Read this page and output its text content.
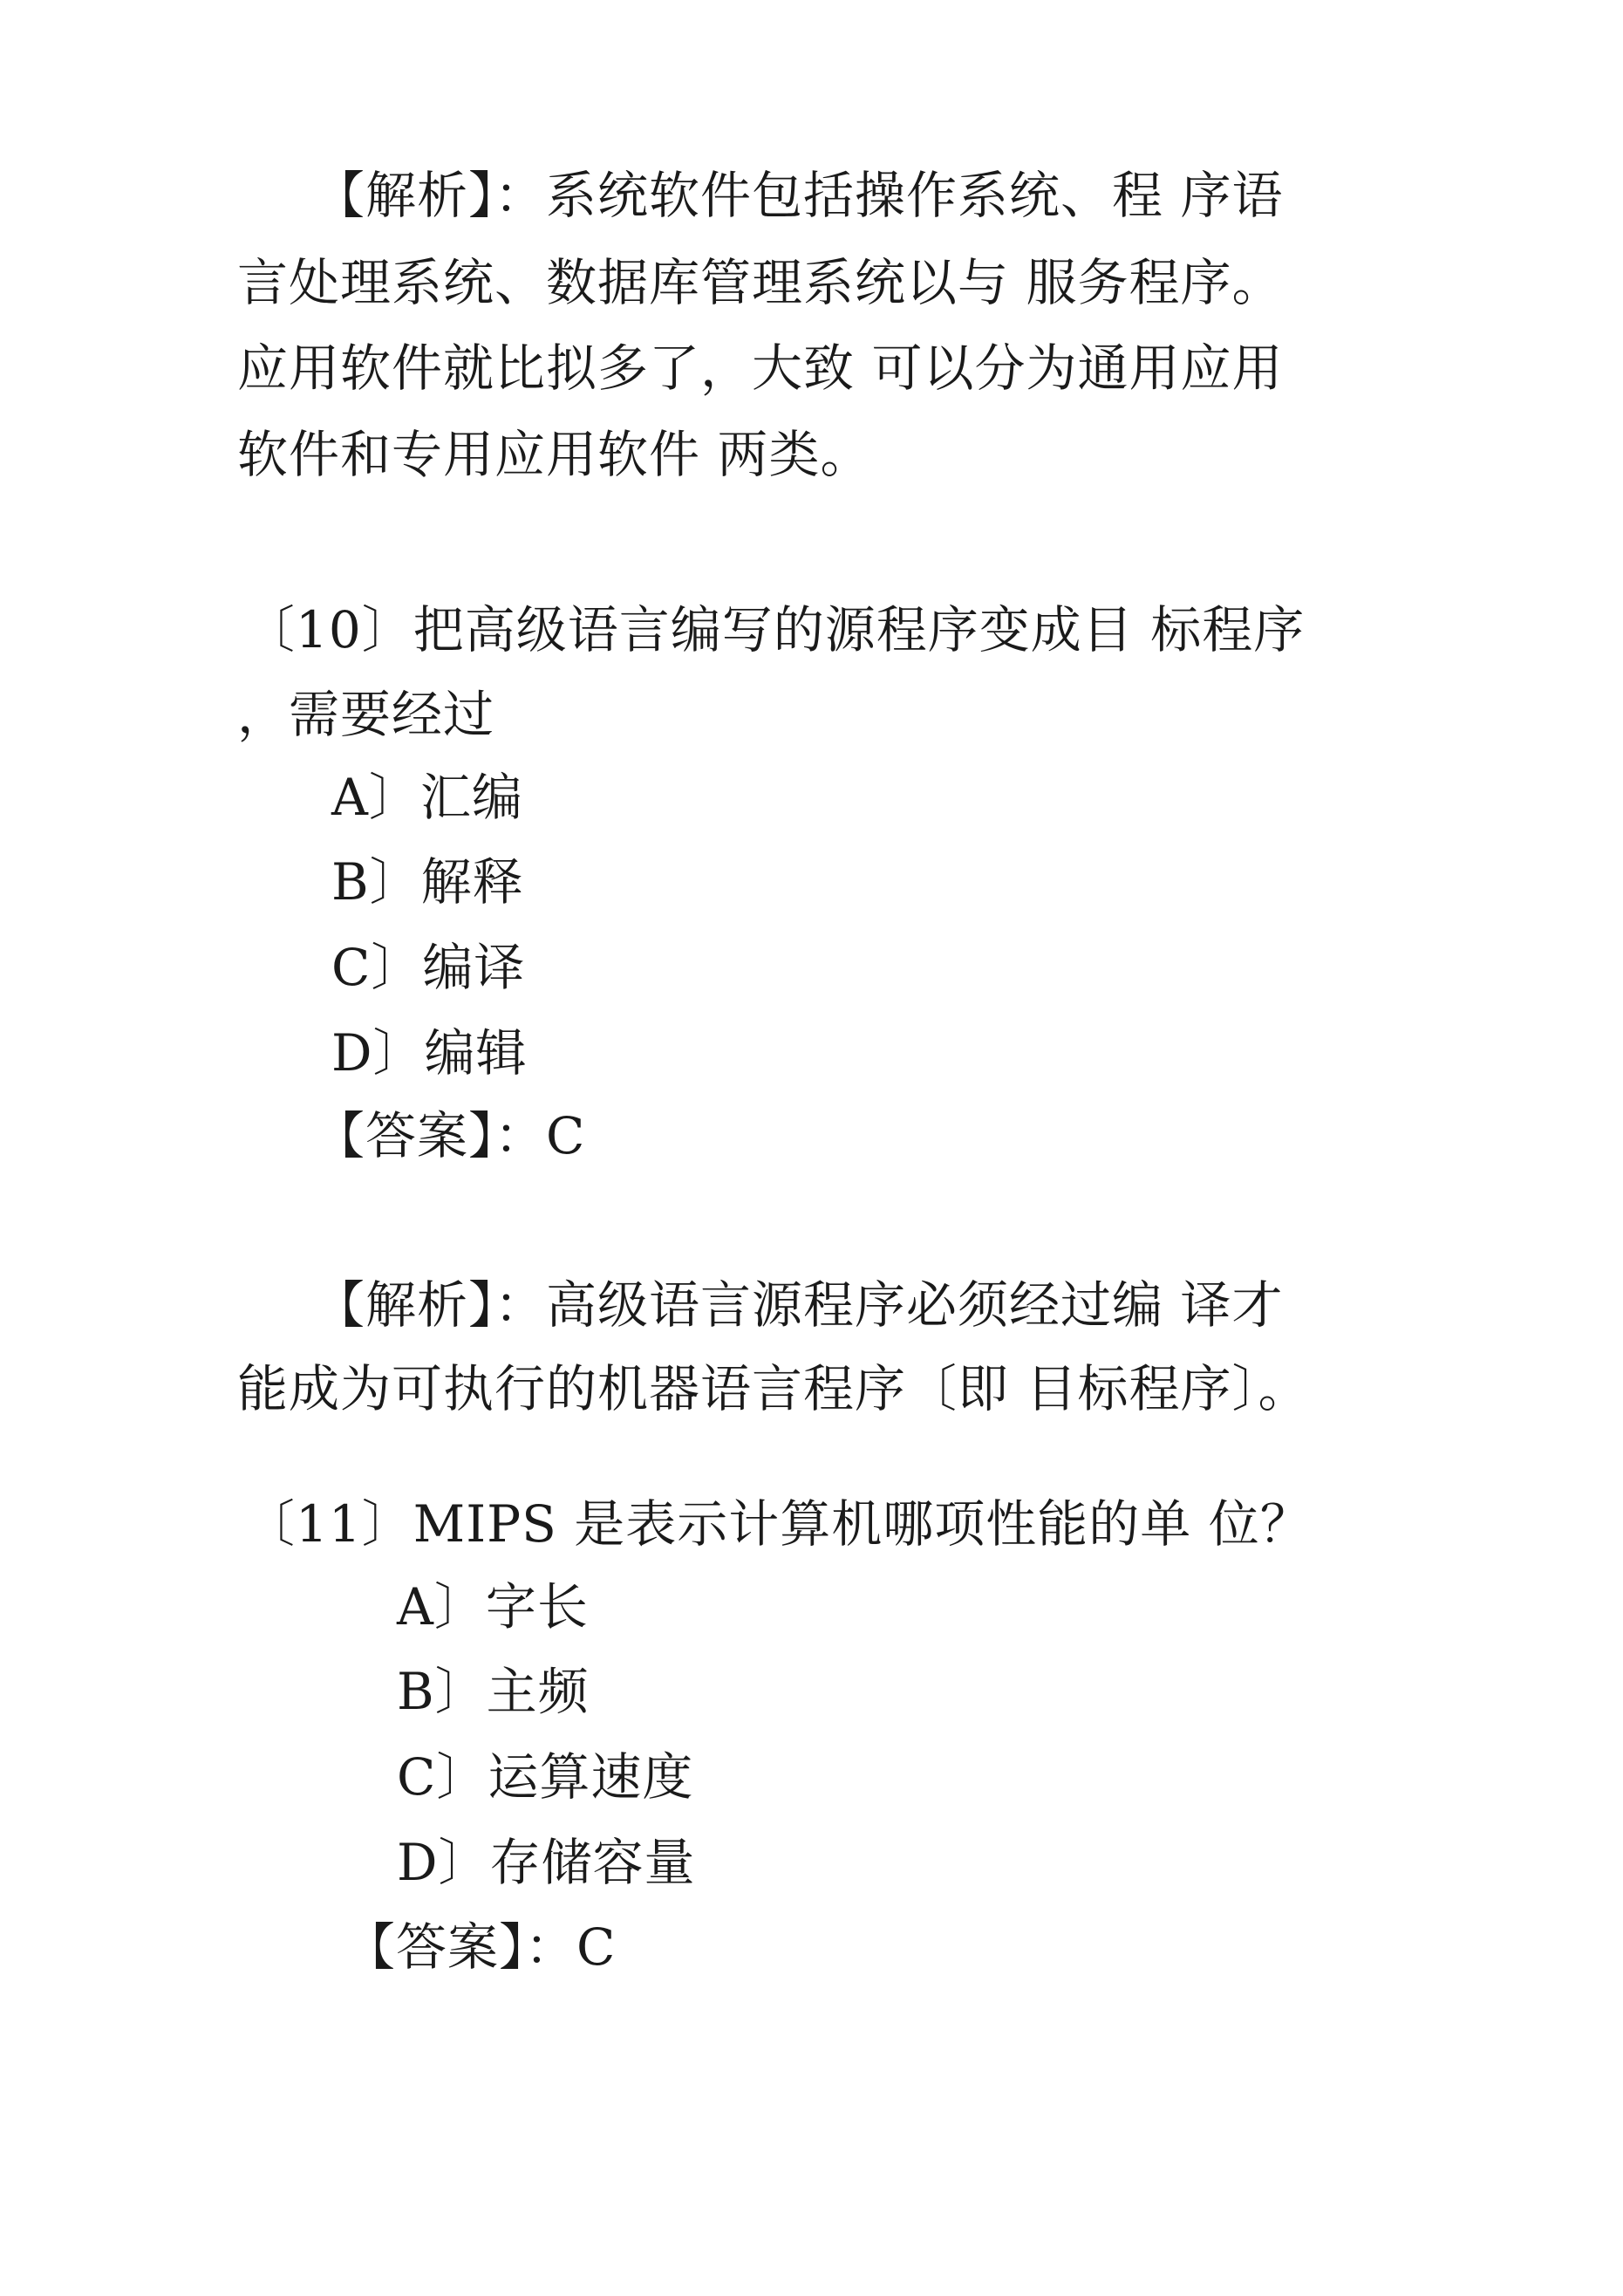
【解析】：系统软件包括操作系统、程 序语
言处理系统、数据库管理系统以与 服务程序。
应用软件就比拟多了，大致 可以分为通用应用
软件和专用应用软件 两类。
〔10〕把高级语言编写的源程序变成目 标程序
，需要经过
A〕汇编
B〕解释
C〕编译
D〕编辑
【答案】：C
【解析】：高级语言源程序必须经过编 译才
能成为可执行的机器语言程序〔即 目标程序〕。
〔11〕MIPS 是表示计算机哪项性能的单 位？
A〕字长
B〕主频
C〕运算速度
D〕存储容量
【答案】：C
